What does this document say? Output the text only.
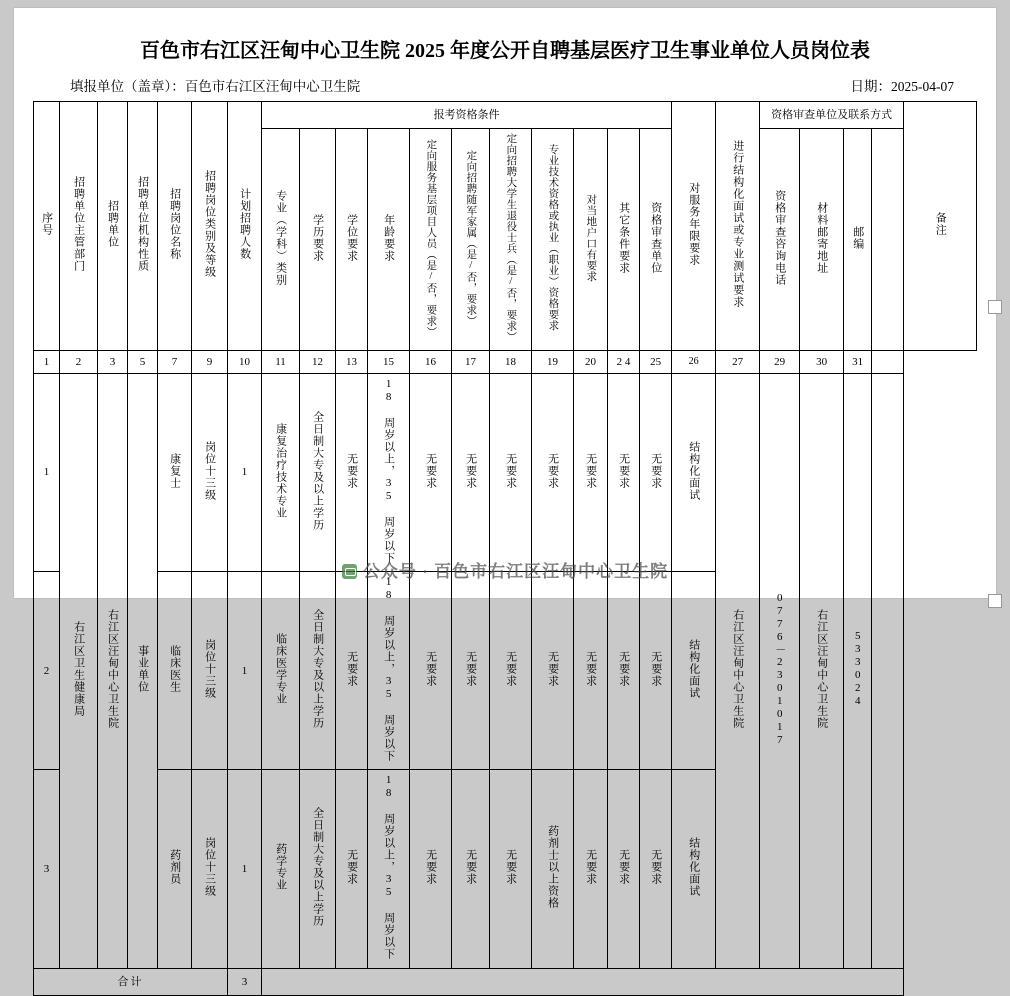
百色市右江区汪甸中心卫生院 2025 年度公开自聘基层医疗卫生事业单位人员岗位表
填报单位（盖章）：百色市右江区汪甸中心卫生院	日期：2025-04-07
序号	招聘单位主管部门	招聘单位	招聘单位机构性质	招聘岗位名称	招聘岗位类别及等级	计划招聘人数	报考资格条件											对服务年限要求	进行结构化面试或专业测试要求	资格审查单位及联系方式				备注
							专业（学科）类别	学历要求	学位要求	年龄要求	定向服务基层项目人员（是/否，要求）	定向招聘随军家属（是/否，要求）	定向招聘大学生退役士兵（是/否，要求）	专业技术资格或执业（职业）资格要求	对当地户口有要求	其它条件要求	资格审查单位			资格审查咨询电话	材料邮寄地址	邮编		
1	2	3	5	7	9	10	11	12	13	15	16	17	18	19	20	2 4	25	26	27	29	30	31		
1	右江区卫生健康局	右江区汪甸中心卫生院	事业单位	康复士	岗位十三级	1	康复治疗技术专业	全日制大专及以上学历	无要求	18 周岁以上，35 周岁以下	无要求	无要求	无要求	无要求	无要求	无要求	无要求	结构化面试	右江区汪甸中心卫生院	0776－2301017	右江区汪甸中心卫生院	533024		
2				临床医生	岗位十三级	1	临床医学专业	全日制大专及以上学历	无要求	18 周岁以上，35 周岁以下	无要求	无要求	无要求	无要求	无要求	无要求	无要求	结构化面试						
3				药剂员	岗位十三级	1	药学专业	全日制大专及以上学历	无要求	18 周岁以上，35 周岁以下	无要求	无要求	无要求	药剂士以上资格	无要求	无要求	无要求	结构化面试						
合计						3																		
公众号 · 百色市右江区汪甸中心卫生院
